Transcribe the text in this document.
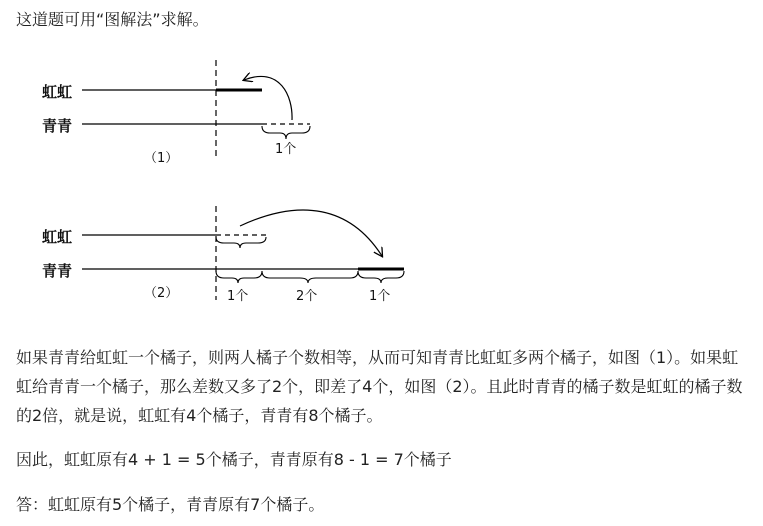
这道题可用“图解法”求解。

虹虹
青青
1个
（1）
虹虹
青青
1个	2个	1个
（2）

如果青青给虹虹一个橘子，则两人橘子个数相等，从而可知青青比虹虹多两个橘子，如图（1）。如果虹虹给青青一个橘子，那么差数又多了2个，即差了4个，如图（2）。且此时青青的橘子数是虹虹的橘子数的2倍，就是说，虹虹有4个橘子，青青有8个橘子。

因此，虹虹原有4 + 1 = 5个橘子，青青原有8 - 1 = 7个橘子

答：虹虹原有5个橘子，青青原有7个橘子。
